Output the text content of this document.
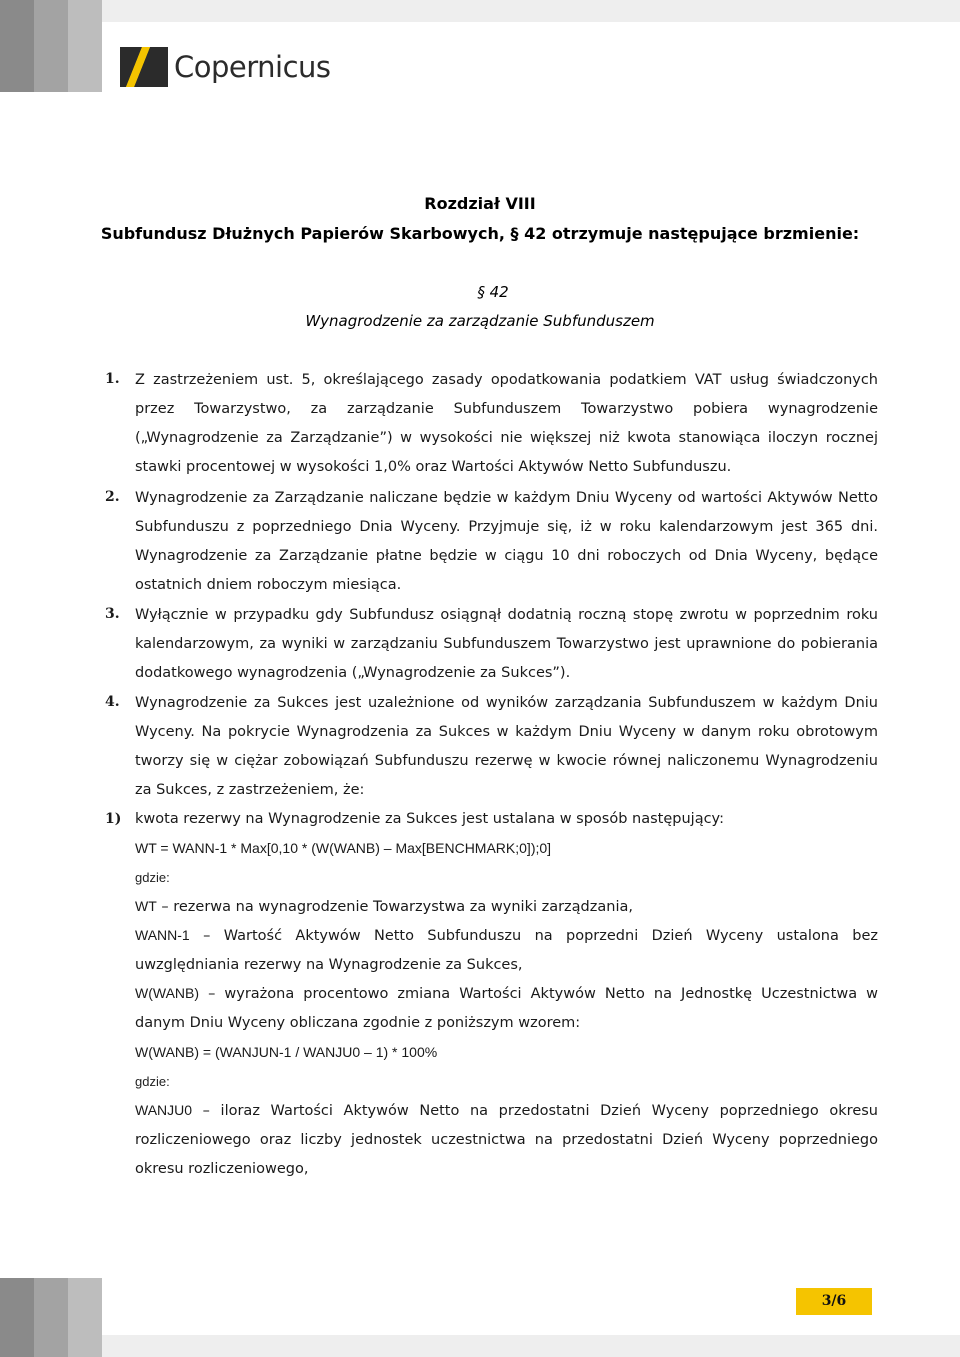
Copernicus
Rozdział VIII
Subfundusz Dłużnych Papierów Skarbowych, § 42 otrzymuje następujące brzmienie:
§ 42
Wynagrodzenie za zarządzanie Subfunduszem
1. Z zastrzeżeniem ust. 5, określającego zasady opodatkowania podatkiem VAT usług świadczonych przez Towarzystwo, za zarządzanie Subfunduszem Towarzystwo pobiera wynagrodzenie („Wynagrodzenie za Zarządzanie”) w wysokości nie większej niż kwota stanowiąca iloczyn rocznej stawki procentowej w wysokości 1,0% oraz Wartości Aktywów Netto Subfunduszu.
2. Wynagrodzenie za Zarządzanie naliczane będzie w każdym Dniu Wyceny od wartości Aktywów Netto Subfunduszu z poprzedniego Dnia Wyceny. Przyjmuje się, iż w roku kalendarzowym jest 365 dni. Wynagrodzenie za Zarządzanie płatne będzie w ciągu 10 dni roboczych od Dnia Wyceny, będące ostatnich dniem roboczym miesiąca.
3. Wyłącznie w przypadku gdy Subfundusz osiągnął dodatnią roczną stopę zwrotu w poprzednim roku kalendarzowym, za wyniki w zarządzaniu Subfunduszem Towarzystwo jest uprawnione do pobierania dodatkowego wynagrodzenia („Wynagrodzenie za Sukces”).
4. Wynagrodzenie za Sukces jest uzależnione od wyników zarządzania Subfunduszem w każdym Dniu Wyceny. Na pokrycie Wynagrodzenia za Sukces w każdym Dniu Wyceny w danym roku obrotowym tworzy się w ciężar zobowiązań Subfunduszu rezerwę w kwocie równej naliczonemu Wynagrodzeniu za Sukces, z zastrzeżeniem, że:
1) kwota rezerwy na Wynagrodzenie za Sukces jest ustalana w sposób następujący:
WT = WANN-1 * Max[0,10 * (W(WANB) – Max[BENCHMARK;0]);0]
gdzie:
WT – rezerwa na wynagrodzenie Towarzystwa za wyniki zarządzania,
WANN-1 – Wartość Aktywów Netto Subfunduszu na poprzedni Dzień Wyceny ustalona bez uwzględniania rezerwy na Wynagrodzenie za Sukces,
W(WANB) – wyrażona procentowo zmiana Wartości Aktywów Netto na Jednostkę Uczestnictwa w danym Dniu Wyceny obliczana zgodnie z poniższym wzorem:
W(WANB) = (WANJUN-1 / WANJU0 – 1) * 100%
gdzie:
WANJU0 – iloraz Wartości Aktywów Netto na przedostatni Dzień Wyceny poprzedniego okresu rozliczeniowego oraz liczby jednostek uczestnictwa na przedostatni Dzień Wyceny poprzedniego okresu rozliczeniowego,
3/6
